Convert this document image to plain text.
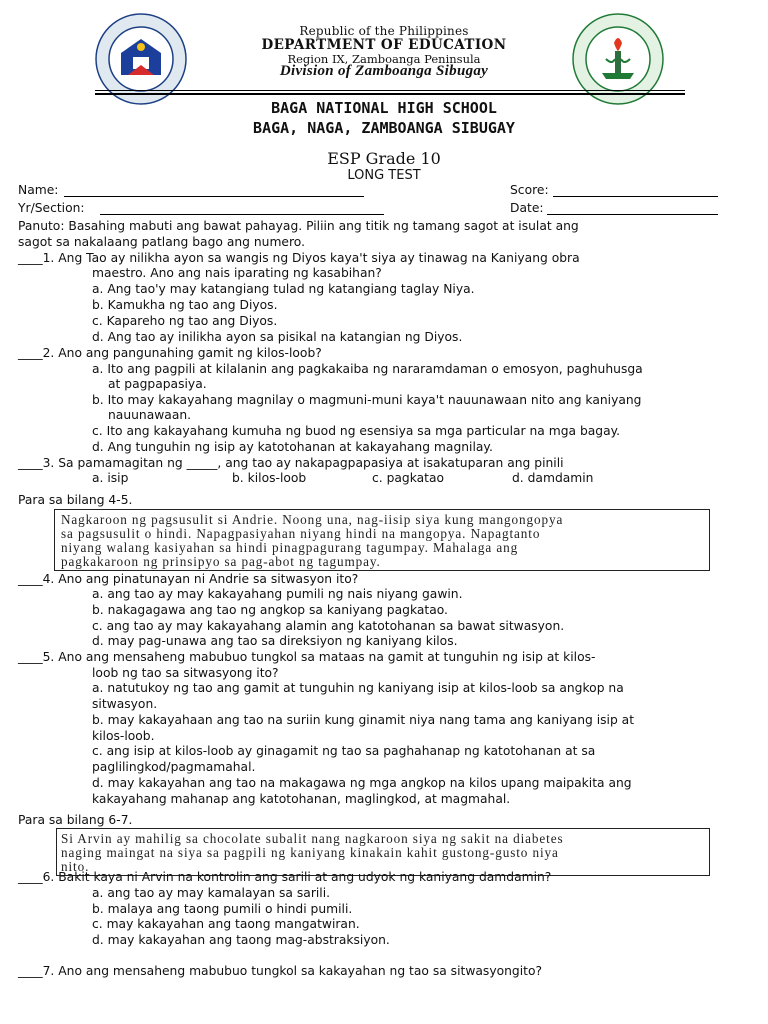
Republic of the Philippines
DEPARTMENT OF EDUCATION
Region IX, Zamboanga Peninsula
Division of Zamboanga Sibugay
BAGA NATIONAL HIGH SCHOOL
BAGA, NAGA, ZAMBOANGA SIBUGAY
ESP Grade 10
LONG TEST
Name:	Score:
Yr/Section:	Date:
Panuto: Basahing mabuti ang bawat pahayag. Piliin ang titik ng tamang sagot at isulat ang
sagot sa nakalaang patlang bago ang numero.
____1. Ang Tao ay nilikha ayon sa wangis ng Diyos kaya't siya ay tinawag na Kaniyang obra
maestro. Ano ang nais iparating ng kasabihan?
a. Ang tao'y may katangiang tulad ng katangiang taglay Niya.
b. Kamukha ng tao ang Diyos.
c. Kapareho ng tao ang Diyos.
d. Ang tao ay inilikha ayon sa pisikal na katangian ng Diyos.
____2. Ano ang pangunahing gamit ng kilos-loob?
a. Ito ang pagpili at kilalanin ang pagkakaiba ng nararamdaman o emosyon, paghuhusga
at pagpapasiya.
b. Ito may kakayahang magnilay o magmuni-muni kaya't nauunawaan nito ang kaniyang
nauunawaan.
c. Ito ang kakayahang kumuha ng buod ng esensiya sa mga particular na mga bagay.
d. Ang tunguhin ng isip ay katotohanan at kakayahang magnilay.
____3. Sa pamamagitan ng _____, ang tao ay nakapagpapasiya at isakatuparan ang pinili
a. isip	b. kilos-loob	c. pagkatao	d. damdamin
Para sa bilang 4-5.
Nagkaroon ng pagsusulit si Andrie. Noong una, nag-iisip siya kung mangongopya
sa pagsusulit o hindi. Napagpasiyahan niyang hindi na mangopya. Napagtanto
niyang walang kasiyahan sa hindi pinagpagurang tagumpay. Mahalaga ang
pagkakaroon ng prinsipyo sa pag-abot ng tagumpay.
____4. Ano ang pinatunayan ni Andrie sa sitwasyon ito?
a. ang tao ay may kakayahang pumili ng nais niyang gawin.
b. nakagagawa ang tao ng angkop sa kaniyang pagkatao.
c. ang tao ay may kakayahang alamin ang katotohanan sa bawat sitwasyon.
d. may pag-unawa ang tao sa direksiyon ng kaniyang kilos.
____5. Ano ang mensaheng mabubuo tungkol sa mataas na gamit at tunguhin ng isip at kilos-
loob ng tao sa sitwasyong ito?
a. natutukoy ng tao ang gamit at tunguhin ng kaniyang isip at kilos-loob sa angkop na
sitwasyon.
b. may kakayahaan ang tao na suriin kung ginamit niya nang tama ang kaniyang isip at
kilos-loob.
c. ang isip at kilos-loob ay ginagamit ng tao sa paghahanap ng katotohanan at sa
paglilingkod/pagmamahal.
d. may kakayahan ang tao na makagawa ng mga angkop na kilos upang maipakita ang
kakayahang mahanap ang katotohanan, maglingkod, at magmahal.
Para sa bilang 6-7.
Si Arvin ay mahilig sa chocolate subalit nang nagkaroon siya ng sakit na diabetes
naging maingat na siya sa pagpili ng kaniyang kinakain kahit gustong-gusto niya
nito.
____6. Bakit kaya ni Arvin na kontrolin ang sarili at ang udyok ng kaniyang damdamin?
a. ang tao ay may kamalayan sa sarili.
b. malaya ang taong pumili o hindi pumili.
c. may kakayahan ang taong mangatwiran.
d. may kakayahan ang taong mag-abstraksiyon.
____7. Ano ang mensaheng mabubuo tungkol sa kakayahan ng tao sa sitwasyongito?
